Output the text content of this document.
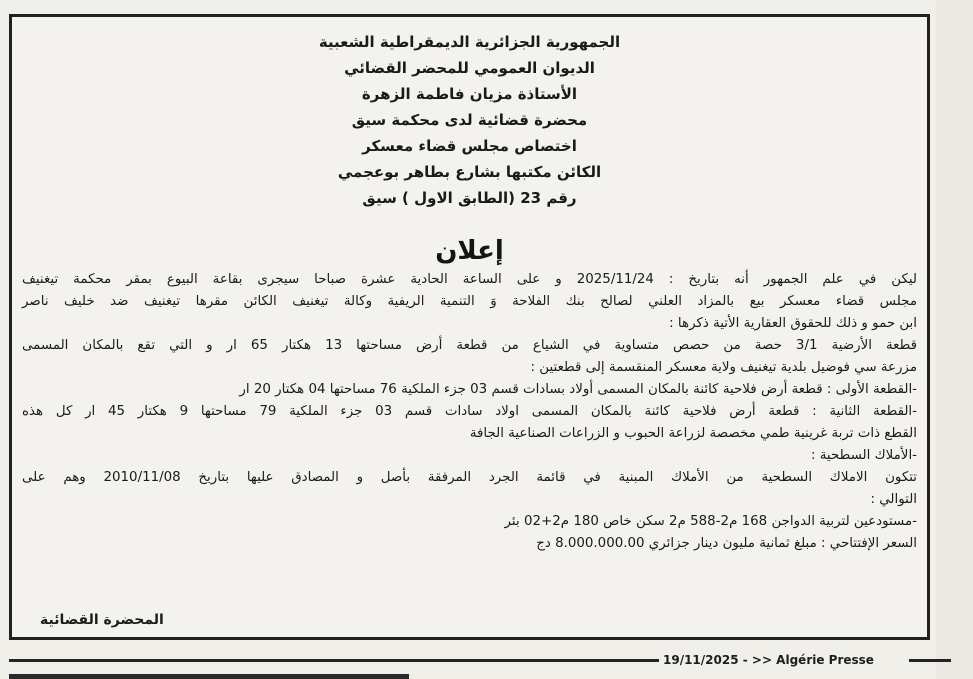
الجمهورية الجزائرية الديمقراطية الشعبية
الديوان العمومي للمحضر القضائي
الأستاذة مزيان فاطمة الزهرة
محضرة قضائية لدى محكمة سيق
اختصاص مجلس قضاء معسكر
الكائن مكتبها بشارع بطاهر بوعجمي
رقم 23 (الطابق الاول ) سيق
إعلان
ليكن في علم الجمهور أنه بتاريخ : 2025/11/24 و على الساعة الحادية عشرة صباحا سيجرى بقاعة البيوع بمقر محكمة تيغنيف
مجلس قضاء معسكر بيع بالمزاد العلني لصالح بنك الفلاحة وَ التنمية الريفية وكالة تيغنيف الكائن مقرها تيغنيف ضد خليف ناصر
ابن حمو و ذلك للحقوق العقارية الأتية ذكرها :
قطعة الأرضية 3/1 حصة من حصص متساوية في الشياع من قطعة أرض مساحتها 13 هكتار 65 ار و التي تقع بالمكان المسمى
مزرعة سي فوضيل بلدية تيغنيف ولاية معسكر المنقسمة إلى قطعتين :
-القطعة الأولى : قطعة أرض فلاحية كائنة بالمكان المسمى أولاد بسادات قسم 03 جزء الملكية 76 مساحتها 04 هكتار 20 ار
-القطعة الثانية : قطعة أرض فلاحية كائنة بالمكان المسمى اولاد سادات قسم 03 جزء الملكية 79 مساحتها 9 هكتار 45 ار كل هذه
القطع ذات تربة غرينية طمي مخصصة لزراعة الحبوب و الزراعات الصناعية الجافة
-الأملاك السطحية :
تتكون الاملاك السطحية من الأملاك المبنية في قائمة الجرد المرفقة بأصل و المصادق عليها بتاريخ 2010/11/08 وهم على
التوالي :
-مستودعين لتربية الدواجن 168 م2-588 م2 سكن خاص 180 م2+02 بئر
السعر الإفتتاحي : مبلغ ثمانية مليون دينار جزائري 8.000.000.00 دج
المحضرة القضائية
19/11/2025 - >> Algérie Presse
